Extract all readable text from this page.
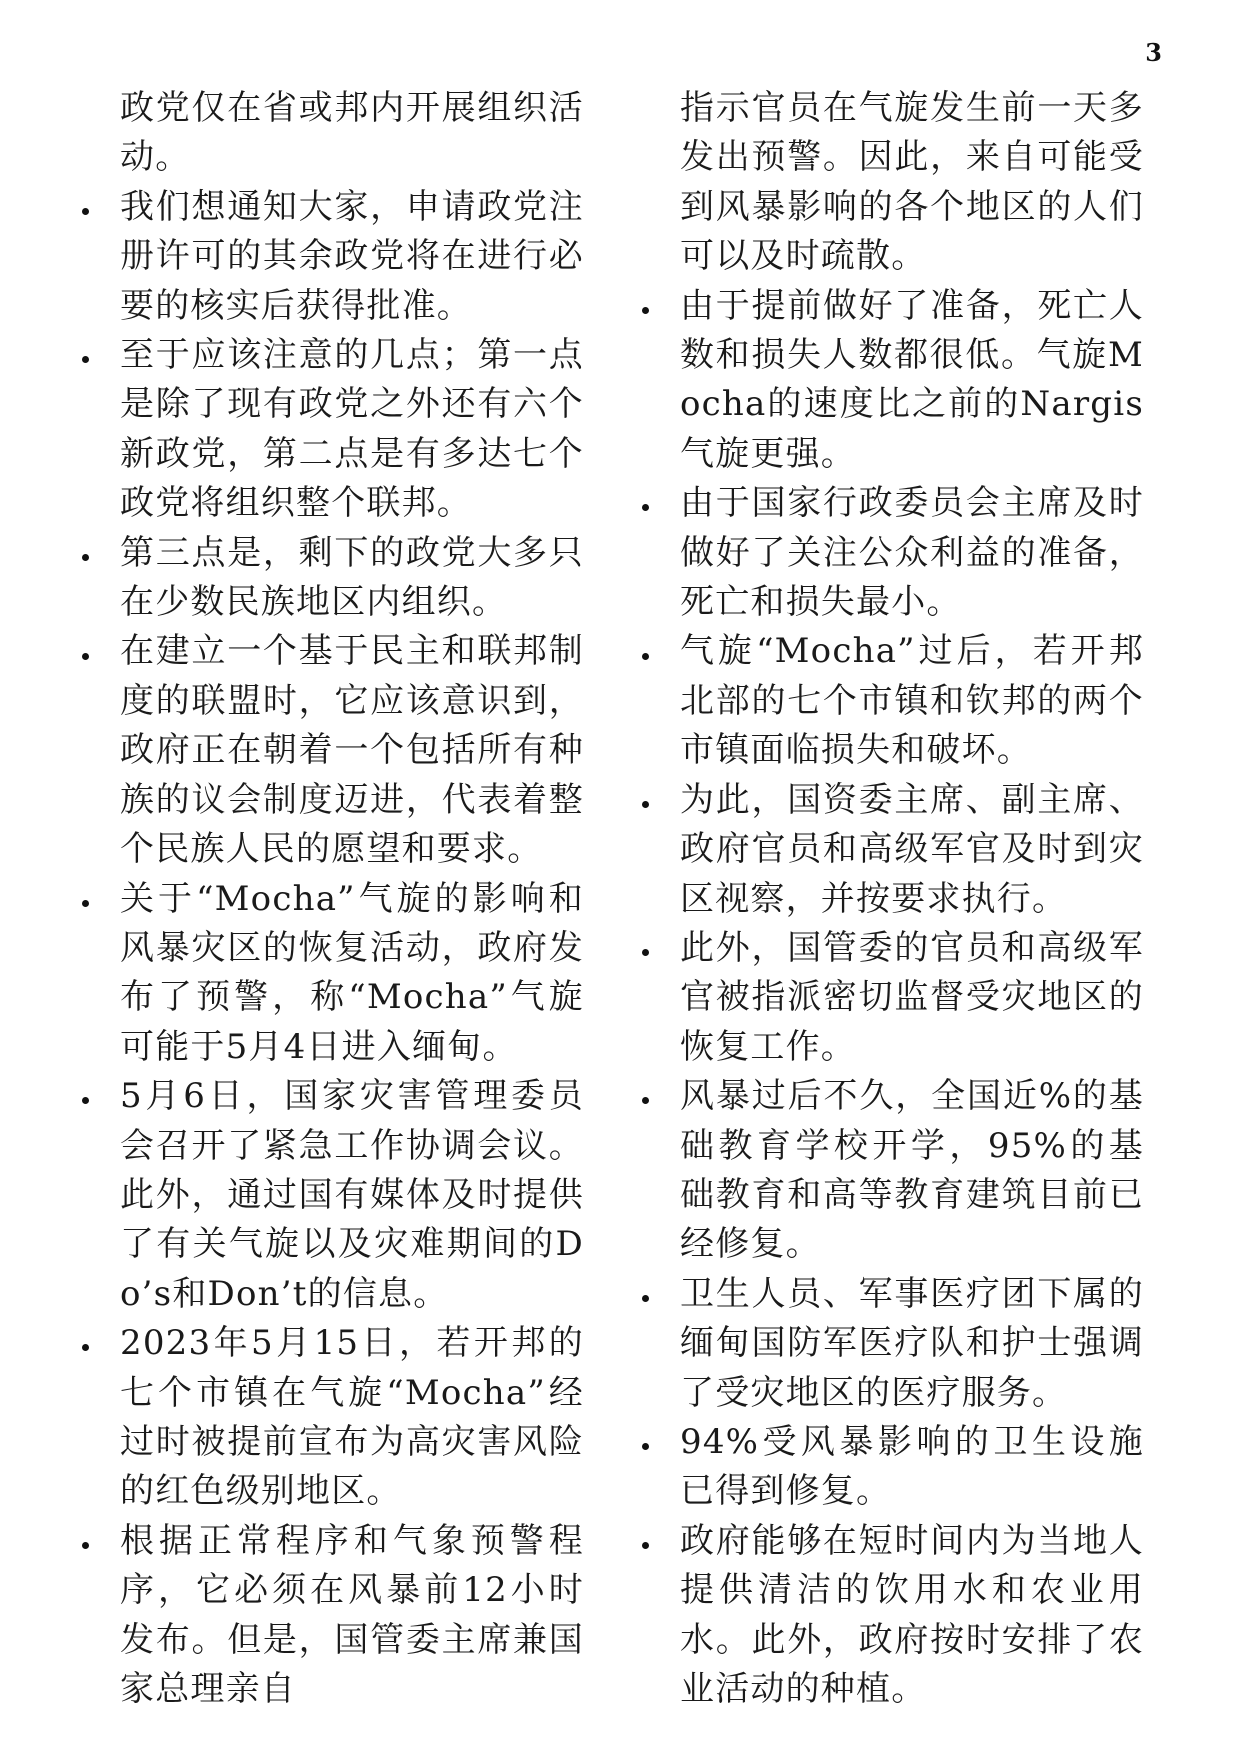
3
政党仅在省或邦内开展组织活动。
我们想通知大家，申请政党注册许可的其余政党将在进行必要的核实后获得批准。
至于应该注意的几点；第一点是除了现有政党之外还有六个新政党，第二点是有多达七个政党将组织整个联邦。
第三点是，剩下的政党大多只在少数民族地区内组织。
在建立一个基于民主和联邦制度的联盟时，它应该意识到，政府正在朝着一个包括所有种族的议会制度迈进，代表着整个民族人民的愿望和要求。
关于“Mocha”气旋的影响和风暴灾区的恢复活动，政府发布了预警，称“Mocha”气旋可能于5月4日进入缅甸。
5月6日，国家灾害管理委员会召开了紧急工作协调会议。此外，通过国有媒体及时提供了有关气旋以及灾难期间的Do’s和Don’t的信息。
2023年5月15日，若开邦的七个市镇在气旋“Mocha”经过时被提前宣布为高灾害风险的红色级别地区。
根据正常程序和气象预警程序，它必须在风暴前12小时发布。但是，国管委主席兼国家总理亲自
指示官员在气旋发生前一天多发出预警。因此，来自可能受到风暴影响的各个地区的人们可以及时疏散。
由于提前做好了准备，死亡人数和损失人数都很低。气旋Mocha的速度比之前的Nargis气旋更强。
由于国家行政委员会主席及时做好了关注公众利益的准备，死亡和损失最小。
气旋“Mocha”过后，若开邦北部的七个市镇和钦邦的两个市镇面临损失和破坏。
为此，国资委主席、副主席、政府官员和高级军官及时到灾区视察，并按要求执行。
此外，国管委的官员和高级军官被指派密切监督受灾地区的恢复工作。
风暴过后不久，全国近%的基础教育学校开学，95%的基础教育和高等教育建筑目前已经修复。
卫生人员、军事医疗团下属的缅甸国防军医疗队和护士强调了受灾地区的医疗服务。
94%受风暴影响的卫生设施已得到修复。
政府能够在短时间内为当地人提供清洁的饮用水和农业用水。此外，政府按时安排了农业活动的种植。
